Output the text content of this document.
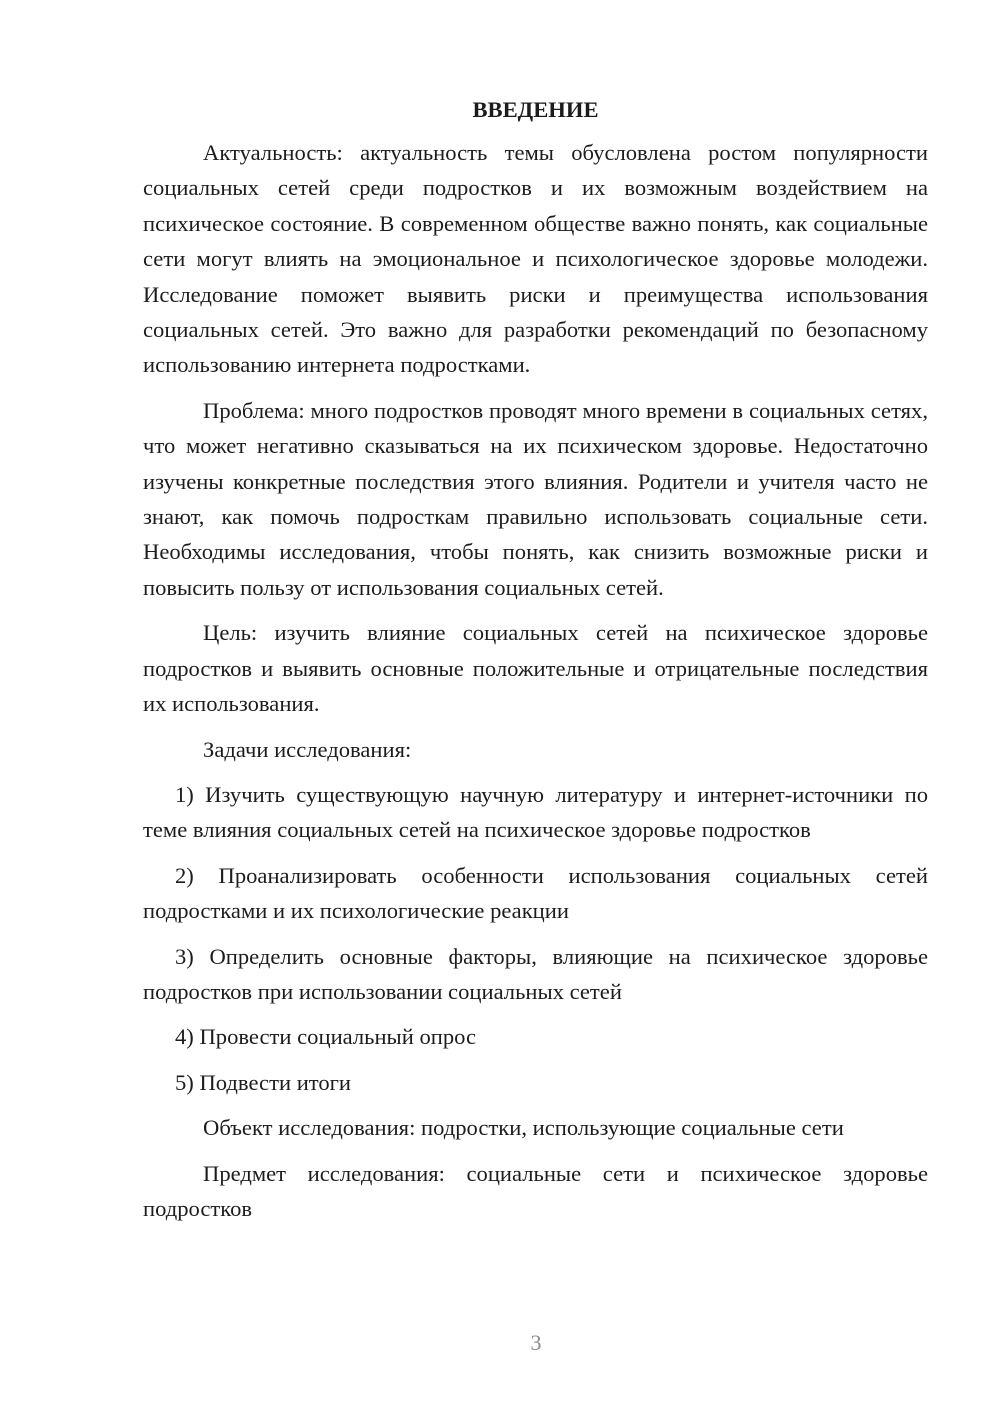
ВВЕДЕНИЕ

Актуальность: актуальность темы обусловлена ростом популярности социальных сетей среди подростков и их возможным воздействием на психическое состояние. В современном обществе важно понять, как социальные сети могут влиять на эмоциональное и психологическое здоровье молодежи. Исследование поможет выявить риски и преимущества использования социальных сетей. Это важно для разработки рекомендаций по безопасному использованию интернета подростками.

Проблема: много подростков проводят много времени в социальных сетях, что может негативно сказываться на их психическом здоровье. Недостаточно изучены конкретные последствия этого влияния. Родители и учителя часто не знают, как помочь подросткам правильно использовать социальные сети. Необходимы исследования, чтобы понять, как снизить возможные риски и повысить пользу от использования социальных сетей.

Цель: изучить влияние социальных сетей на психическое здоровье подростков и выявить основные положительные и отрицательные последствия их использования.

Задачи исследования:

1) Изучить существующую научную литературу и интернет-источники по теме влияния социальных сетей на психическое здоровье подростков

2) Проанализировать особенности использования социальных сетей подростками и их психологические реакции

3) Определить основные факторы, влияющие на психическое здоровье подростков при использовании социальных сетей

4) Провести социальный опрос

5) Подвести итоги

Объект исследования: подростки, использующие социальные сети

Предмет исследования: социальные сети и психическое здоровье подростков

3
